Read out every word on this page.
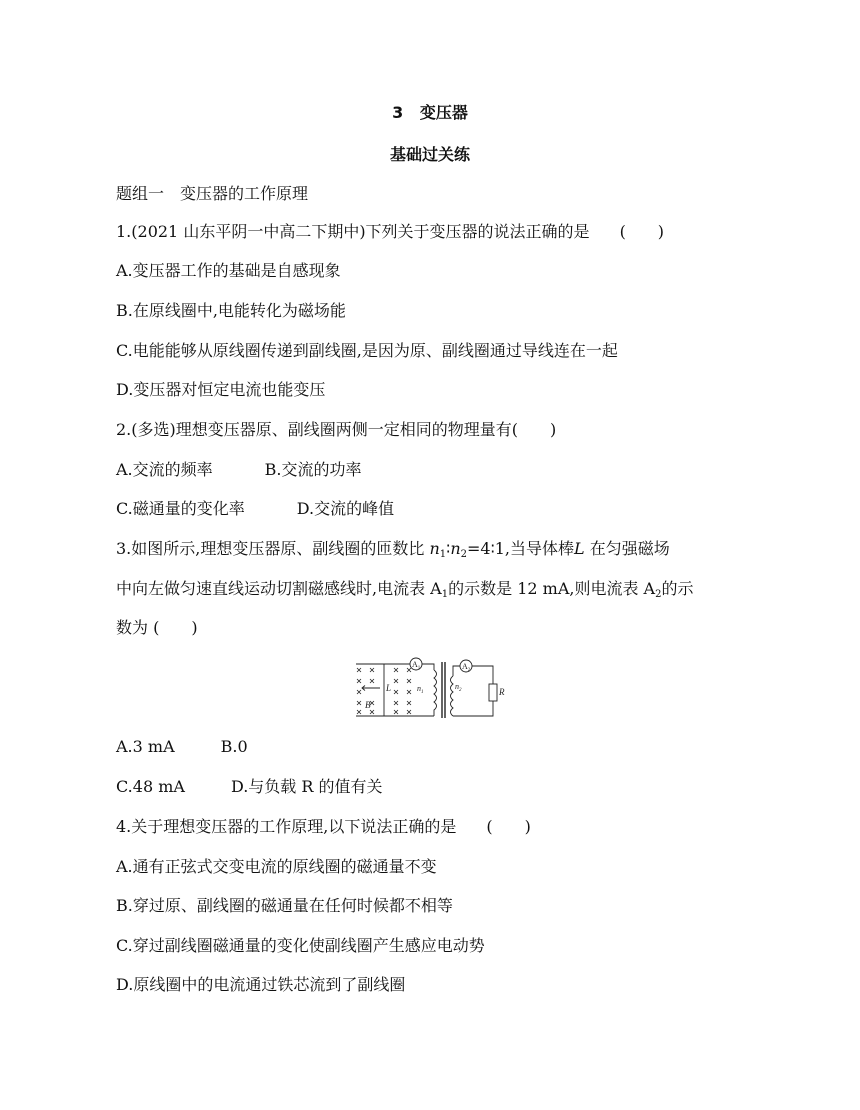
3 变压器
基础过关练
题组一　变压器的工作原理
1.(2021 山东平阴一中高二下期中)下列关于变压器的说法正确的是 (　　)
A.变压器工作的基础是自感现象
B.在原线圈中,电能转化为磁场能
C.电能能够从原线圈传递到副线圈,是因为原、副线圈通过导线连在一起
D.变压器对恒定电流也能变压
2.(多选)理想变压器原、副线圈两侧一定相同的物理量有(　　)
A.交流的频率	B.交流的功率
C.磁通量的变化率	D.交流的峰值
3.如图所示,理想变压器原、副线圈的匝数比 $n_1∶n_2=4∶1$,当导体棒L 在匀强磁场
中向左做匀速直线运动切割磁感线时,电流表 $A_1$的示数是 12 mA,则电流表 $A_2$的示
数为 (　　)
$A_1$	$A_2$
L
B
$n_1$
$n_2$	R
A.3 mA	B.0
C.48 mA	D.与负载 R 的值有关
4.关于理想变压器的工作原理,以下说法正确的是 (　　)
A.通有正弦式交变电流的原线圈的磁通量不变
B.穿过原、副线圈的磁通量在任何时候都不相等
C.穿过副线圈磁通量的变化使副线圈产生感应电动势
D.原线圈中的电流通过铁芯流到了副线圈
